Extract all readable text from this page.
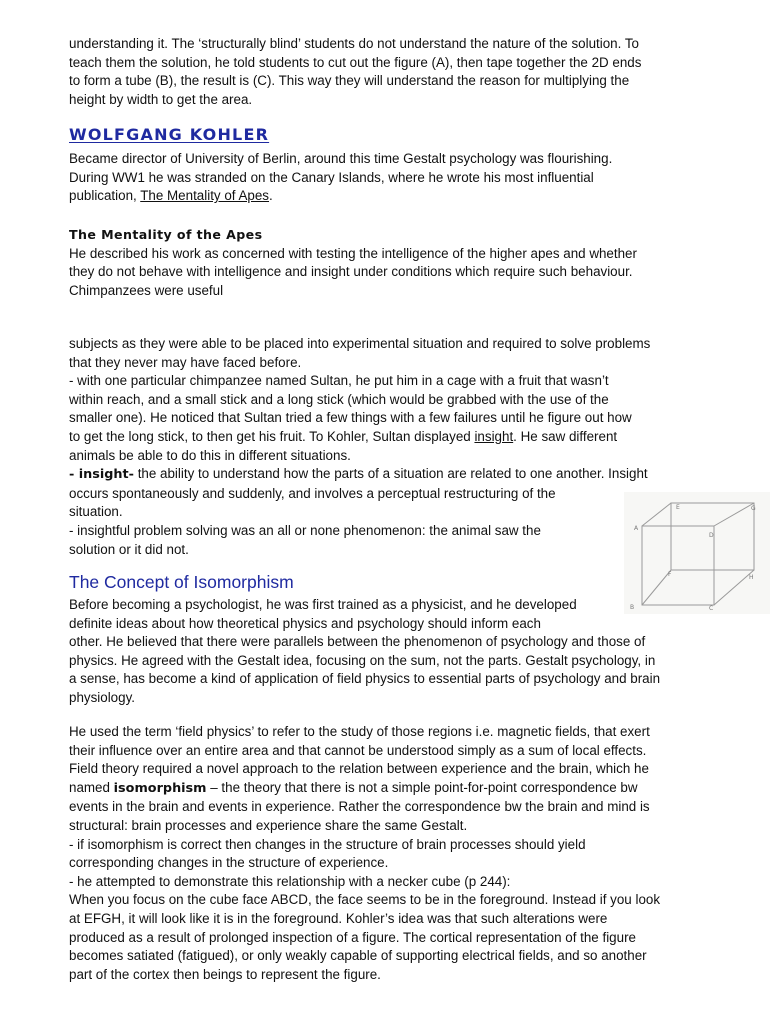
understanding it. The ‘structurally blind’ students do not understand the nature of the solution. To

teach them the solution, he told students to cut out the figure (A), then tape together the 2D ends

to form a tube (B), the result is (C). This way they will understand the reason for multiplying the

height by width to get the area.

WOLFGANG KOHLER

Became director of University of Berlin, around this time Gestalt psychology was flourishing.

During WW1 he was stranded on the Canary Islands, where he wrote his most influential

publication, The Mentality of Apes.

The Mentality of the Apes

He described his work as concerned with testing the intelligence of the higher apes and whether

they do not behave with intelligence and insight under conditions which require such behaviour.

Chimpanzees were useful

subjects as they were able to be placed into experimental situation and required to solve problems

that they never may have faced before.

- with one particular chimpanzee named Sultan, he put him in a cage with a fruit that wasn’t

within reach, and a small stick and a long stick (which would be grabbed with the use of the

smaller one). He noticed that Sultan tried a few things with a few failures until he figure out how

to get the long stick, to then get his fruit. To Kohler, Sultan displayed insight. He saw different

animals be able to do this in different situations.

- insight- the ability to understand how the parts of a situation are related to one another. Insight

occurs spontaneously and suddenly, and involves a perceptual restructuring of the

situation.

- insightful problem solving was an all or none phenomenon: the animal saw the

solution or it did not.

A
B	C
D
E
F
G
H
The Concept of Isomorphism

Before becoming a psychologist, he was first trained as a physicist, and he developed

definite ideas about how theoretical physics and psychology should inform each

other. He believed that there were parallels between the phenomenon of psychology and those of

physics. He agreed with the Gestalt idea, focusing on the sum, not the parts. Gestalt psychology, in

a sense, has become a kind of application of field physics to essential parts of psychology and brain

physiology.

He used the term ‘field physics’ to refer to the study of those regions i.e. magnetic fields, that exert

their influence over an entire area and that cannot be understood simply as a sum of local effects.

Field theory required a novel approach to the relation between experience and the brain, which he

named isomorphism – the theory that there is not a simple point-for-point correspondence bw

events in the brain and events in experience. Rather the correspondence bw the brain and mind is

structural: brain processes and experience share the same Gestalt.

- if isomorphism is correct then changes in the structure of brain processes should yield

corresponding changes in the structure of experience.

- he attempted to demonstrate this relationship with a necker cube (p 244):

When you focus on the cube face ABCD, the face seems to be in the foreground. Instead if you look

at EFGH, it will look like it is in the foreground. Kohler’s idea was that such alterations were

produced as a result of prolonged inspection of a figure. The cortical representation of the figure

becomes satiated (fatigued), or only weakly capable of supporting electrical fields, and so another

part of the cortex then beings to represent the figure.
